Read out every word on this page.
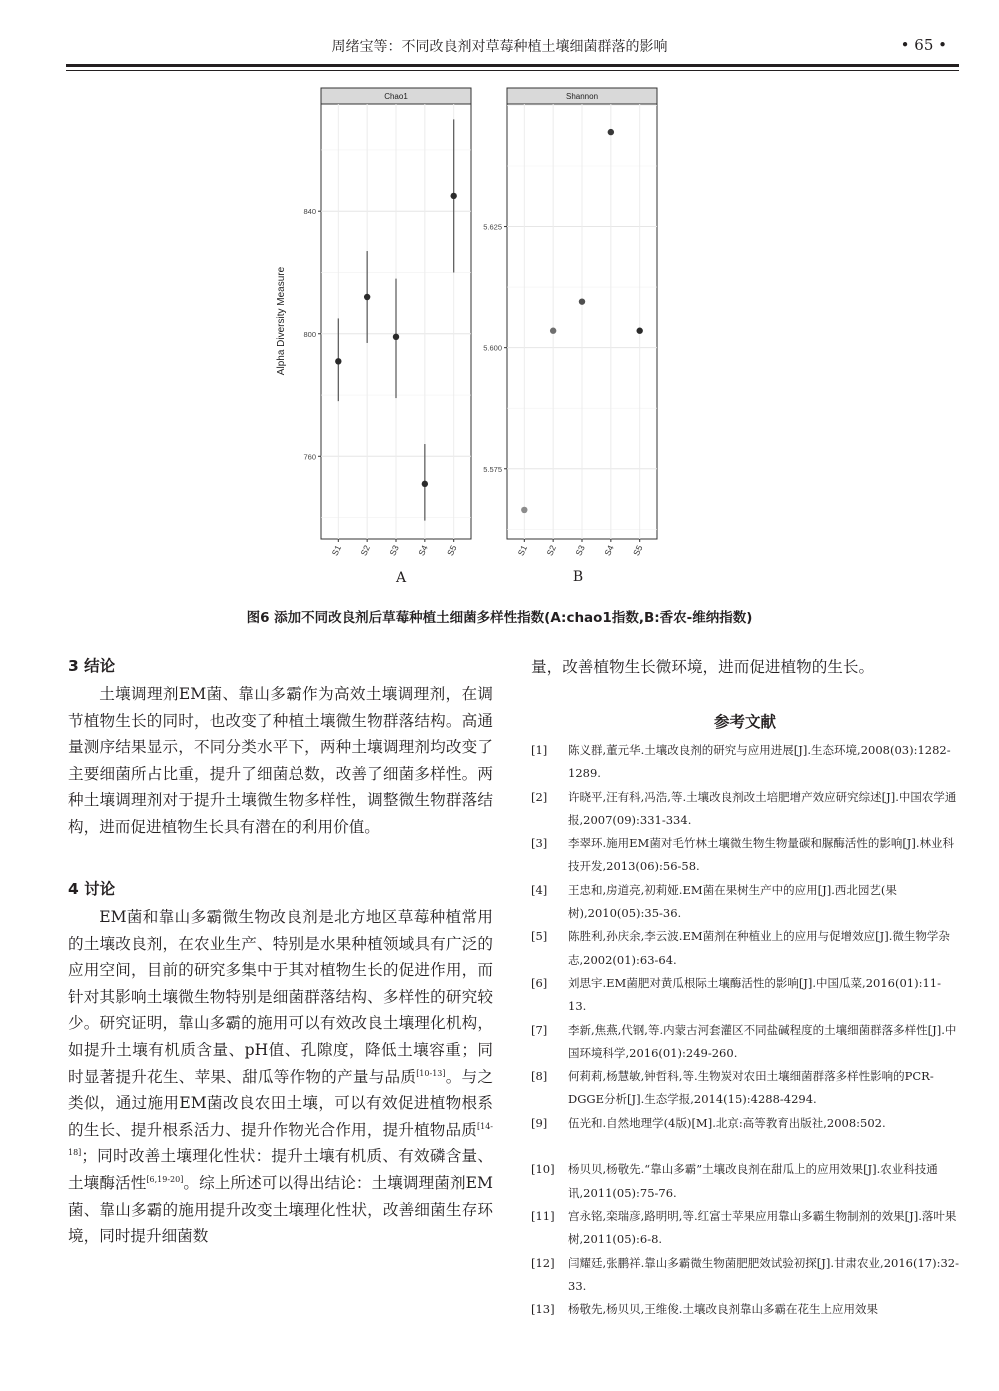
周绪宝等：不同改良剂对草莓种植土壤细菌群落的影响	• 65 •
Alpha Diversity Measure
Chao1
760
800
840
S1 S2 S3 S4 S5
Shannon
5.575
5.600
5.625
S1 S2 S3 S4 S5
A	B
图6 添加不同改良剂后草莓种植土细菌多样性指数(A:chao1指数,B:香农-维纳指数)
3 结论

土壤调理剂EM菌、靠山多霸作为高效土壤调理剂，在调节植物生长的同时，也改变了种植土壤微生物群落结构。高通量测序结果显示，不同分类水平下，两种土壤调理剂均改变了主要细菌所占比重，提升了细菌总数，改善了细菌多样性。两种土壤调理剂对于提升土壤微生物多样性，调整微生物群落结构，进而促进植物生长具有潜在的利用价值。

4 讨论

EM菌和靠山多霸微生物改良剂是北方地区草莓种植常用的土壤改良剂，在农业生产、特别是水果种植领域具有广泛的应用空间，目前的研究多集中于其对植物生长的促进作用，而针对其影响土壤微生物特别是细菌群落结构、多样性的研究较少。研究证明，靠山多霸的施用可以有效改良土壤理化机构，如提升土壤有机质含量、pH值、孔隙度，降低土壤容重；同时显著提升花生、苹果、甜瓜等作物的产量与品质[10-13]。与之类似，通过施用EM菌改良农田土壤，可以有效促进植物根系的生长、提升根系活力、提升作物光合作用，提升植物品质[14-18]；同时改善土壤理化性状：提升土壤有机质、有效磷含量、土壤酶活性[6,19-20]。综上所述可以得出结论：土壤调理菌剂EM菌、靠山多霸的施用提升改变土壤理化性状，改善细菌生存环境，同时提升细菌数

量，改善植物生长微环境，进而促进植物的生长。

参考文献
[1]	陈义群,董元华.土壤改良剂的研究与应用进展[J].生态环境,2008(03):1282-1289.
[2]	许晓平,汪有科,冯浩,等.土壤改良剂改土培肥增产效应研究综述[J].中国农学通报,2007(09):331-334.
[3]	李翠环.施用EM菌对毛竹林土壤微生物生物量碳和脲酶活性的影响[J].林业科技开发,2013(06):56-58.
[4]	王忠和,房道亮,初莉娅.EM菌在果树生产中的应用[J].西北园艺(果树),2010(05):35-36.
[5]	陈胜利,孙庆余,李云波.EM菌剂在种植业上的应用与促增效应[J].微生物学杂志,2002(01):63-64.
[6]	刘思宇.EM菌肥对黄瓜根际土壤酶活性的影响[J].中国瓜菜,2016(01):11-13.
[7]	李新,焦燕,代钢,等.内蒙古河套灌区不同盐碱程度的土壤细菌群落多样性[J].中国环境科学,2016(01):249-260.
[8]	何莉莉,杨慧敏,钟哲科,等.生物炭对农田土壤细菌群落多样性影响的PCR-DGGE分析[J].生态学报,2014(15):4288-4294.
[9]	伍光和.自然地理学(4版)[M].北京:高等教育出版社,2008:502.
[10]	杨贝贝,杨敬先.“靠山多霸”土壤改良剂在甜瓜上的应用效果[J].农业科技通讯,2011(05):75-76.
[11]	宫永铭,栾瑞彦,路明明,等.红富士苹果应用靠山多霸生物制剂的效果[J].落叶果树,2011(05):6-8.
[12]	闫耀廷,张鹏祥.靠山多霸微生物菌肥肥效试验初探[J].甘肃农业,2016(17):32-33.
[13]	杨敬先,杨贝贝,王维俊.土壤改良剂靠山多霸在花生上应用效果
